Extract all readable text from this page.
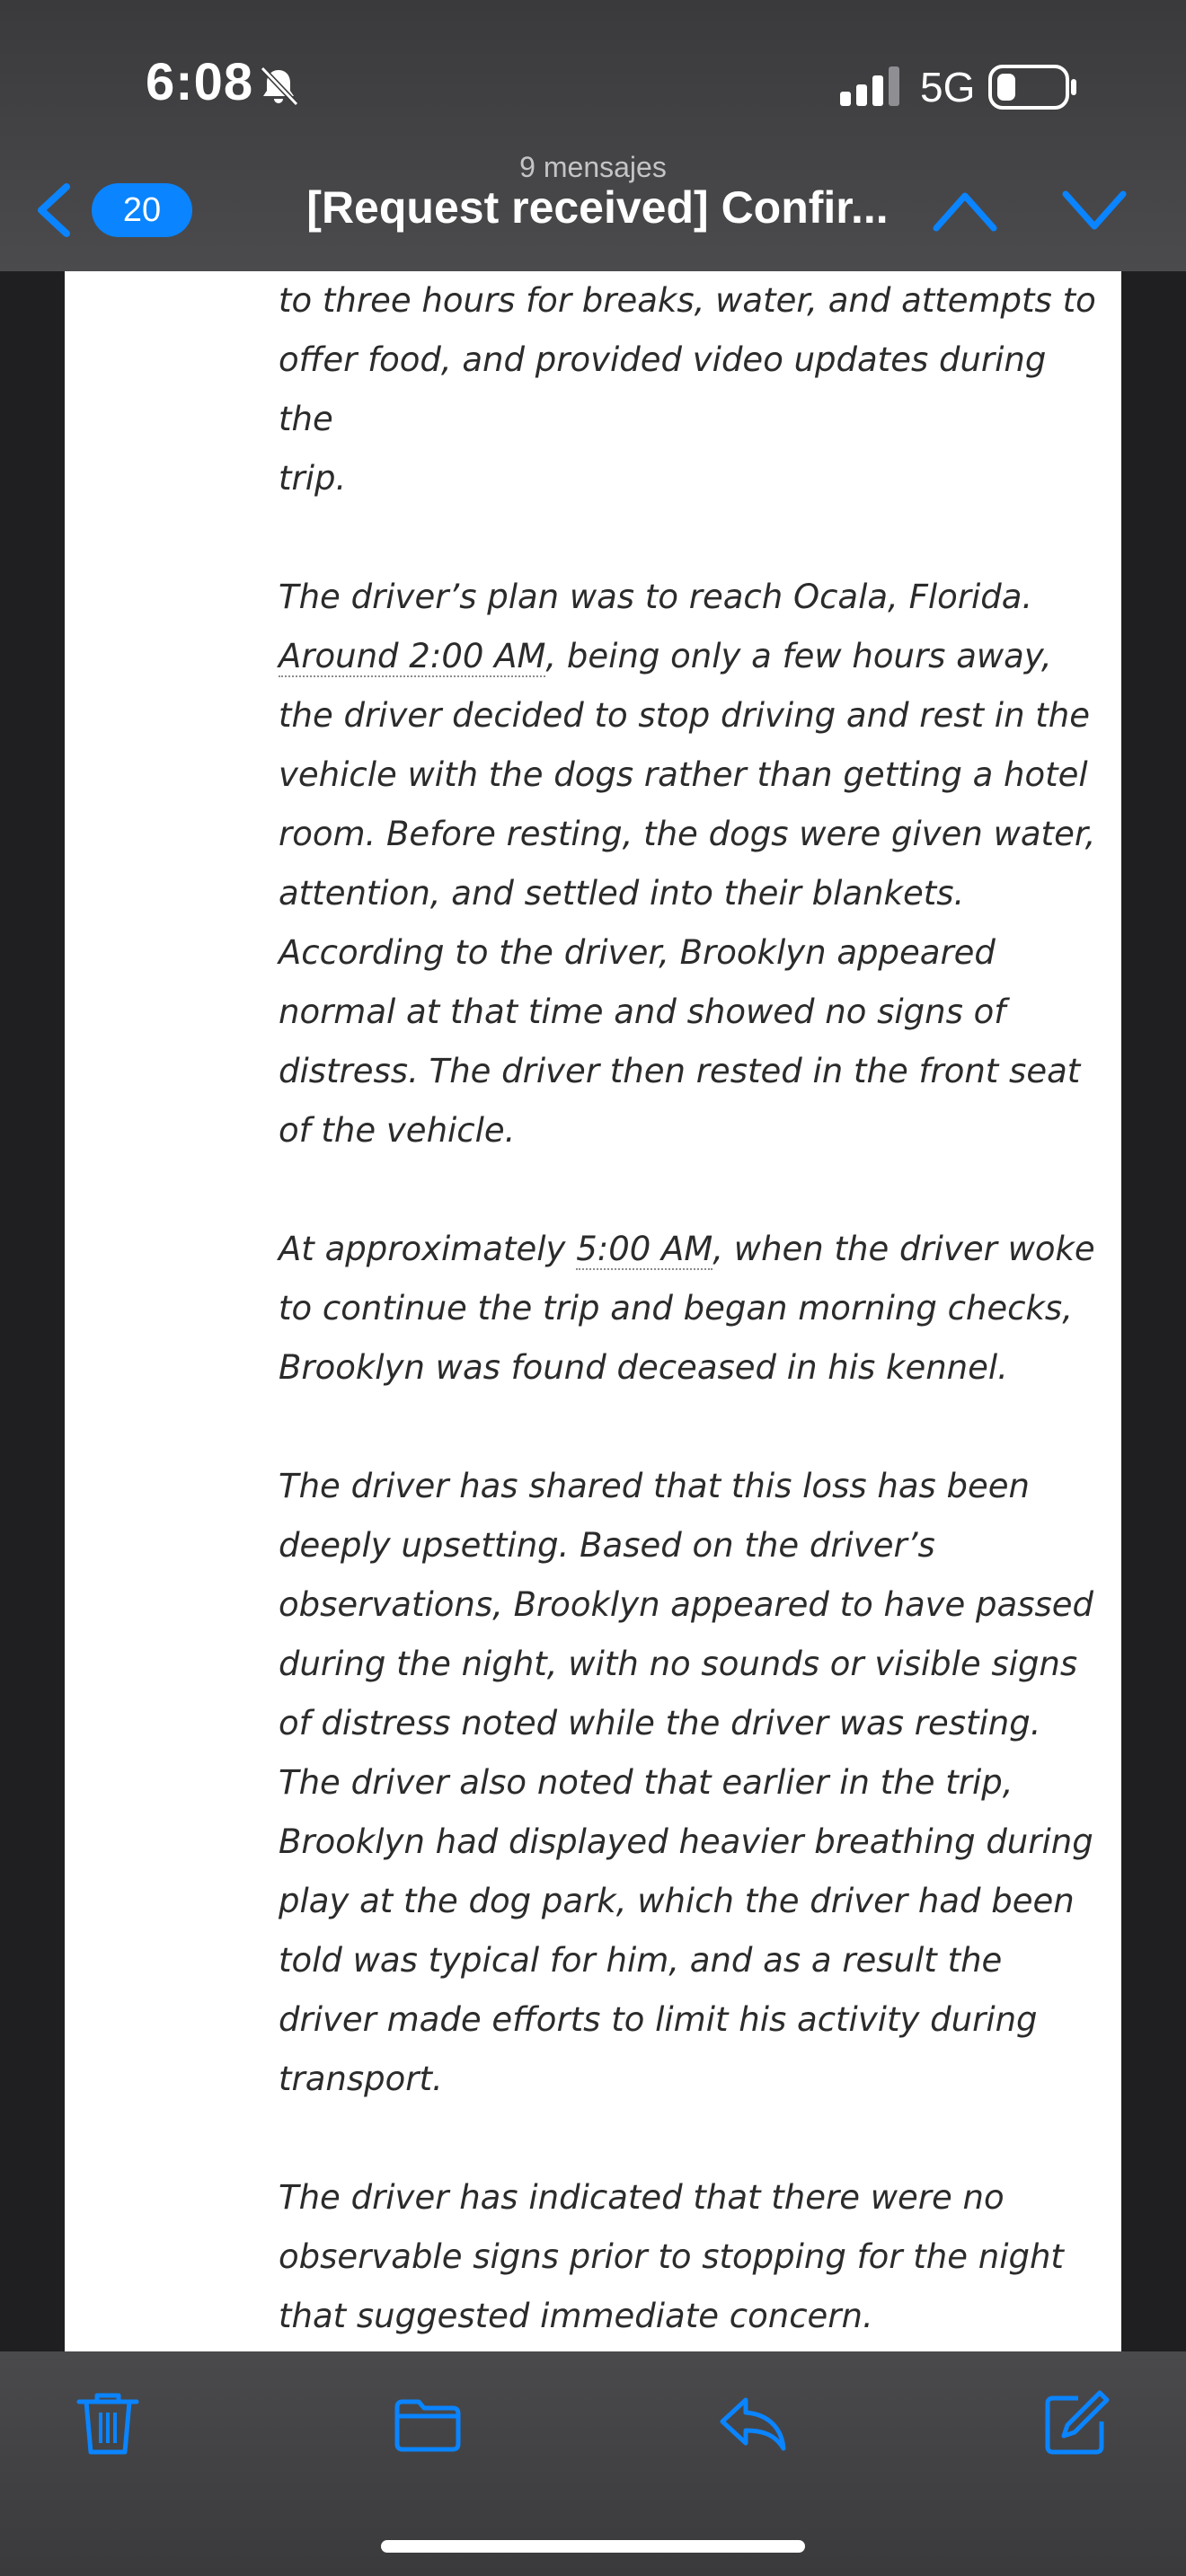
6:08	5G
20
9 mensajes
[Request received] Confir...

to three hours for breaks, water, and attempts to
offer food, and provided video updates during the
trip.

The driver’s plan was to reach Ocala, Florida.
Around 2:00 AM, being only a few hours away,
the driver decided to stop driving and rest in the
vehicle with the dogs rather than getting a hotel
room. Before resting, the dogs were given water,
attention, and settled into their blankets.
According to the driver, Brooklyn appeared
normal at that time and showed no signs of
distress. The driver then rested in the front seat
of the vehicle.

At approximately 5:00 AM, when the driver woke
to continue the trip and began morning checks,
Brooklyn was found deceased in his kennel.

The driver has shared that this loss has been
deeply upsetting. Based on the driver’s
observations, Brooklyn appeared to have passed
during the night, with no sounds or visible signs
of distress noted while the driver was resting.
The driver also noted that earlier in the trip,
Brooklyn had displayed heavier breathing during
play at the dog park, which the driver had been
told was typical for him, and as a result the
driver made efforts to limit his activity during
transport.

The driver has indicated that there were no
observable signs prior to stopping for the night
that suggested immediate concern.
